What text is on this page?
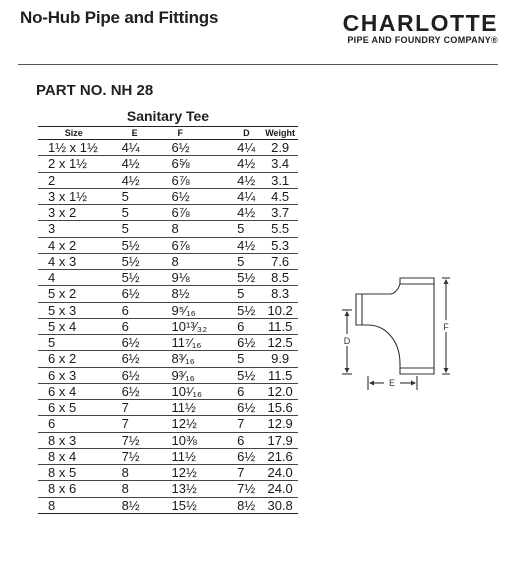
No-Hub Pipe and Fittings	CHARLOTTE
PIPE AND FOUNDRY COMPANY®
PART NO. NH 28
Sanitary Tee
Size	E	F	D	Weight
1½ x 1½	4¼	6½	4¼	2.9
2 x 1½	4½	6⅝	4½	3.4
2	4½	6⅞	4½	3.1
3 x 1½	5	6½	4¼	4.5
3 x 2	5	6⅞	4½	3.7
3	5	8	5	5.5
4 x 2	5½	6⅞	4½	5.3
4 x 3	5½	8	5	7.6
4	5½	9⅛	5½	8.5
5 x 2	6½	8½	5	8.3
5 x 3	6	9⁵⁄₁₆	5½	10.2
5 x 4	6	10¹³⁄₃₂	6	11.5
5	6½	11⁷⁄₁₆	6½	12.5
6 x 2	6½	8³⁄₁₆	5	9.9
6 x 3	6½	9³⁄₁₆	5½	11.5
6 x 4	6½	10¹⁄₁₆	6	12.0
6 x 5	7	11½	6½	15.6
6	7	12½	7	12.9
8 x 3	7½	10⅜	6	17.9
8 x 4	7½	11½	6½	21.6
8 x 5	8	12½	7	24.0
8 x 6	8	13½	7½	24.0
8	8½	15½	8½	30.8
F
D
E
